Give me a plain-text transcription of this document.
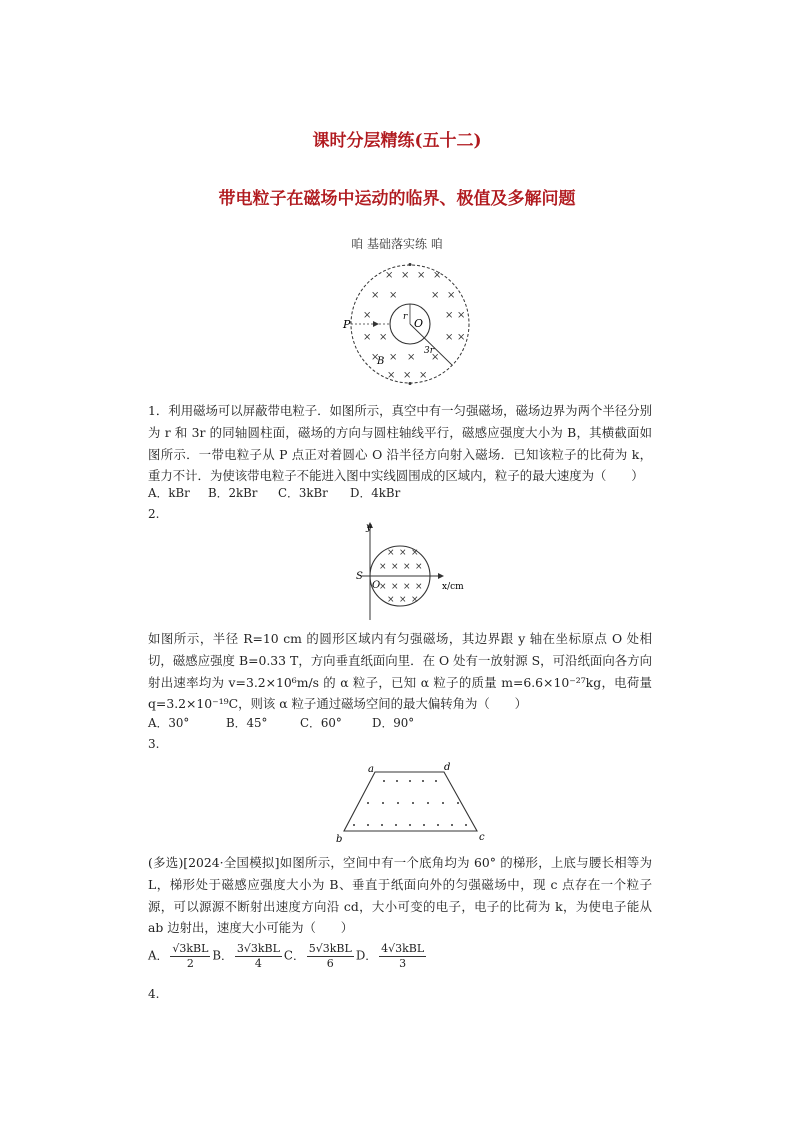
课时分层精练(五十二)
带电粒子在磁场中运动的临界、极值及多解问题
咱 基础落实练 咱
× × × ×
× ×	× ×
×	× ×
× ×	× ×
× × × ×
× × ×
P	O
r
3r
B
1．利用磁场可以屏蔽带电粒子．如图所示，真空中有一匀强磁场，磁场边界为两个半径分别为 r 和 3r 的同轴圆柱面，磁场的方向与圆柱轴线平行，磁感应强度大小为 B，其横截面如图所示．一带电粒子从 P 点正对着圆心 O 沿半径方向射入磁场．已知该粒子的比荷为 k，重力不计．为使该带电粒子不能进入图中实线圆围成的区域内，粒子的最大速度为（　　）
A．kBr B．2kBr C．3kBr D．4kBr
2.
× × ×
× × × ×
× × × ×
× × ×
y
S
O	x/cm
如图所示，半径 R=10 cm 的圆形区域内有匀强磁场，其边界跟 y 轴在坐标原点 O 处相切，磁感应强度 B=0.33 T，方向垂直纸面向里．在 O 处有一放射源 S，可沿纸面向各方向射出速率均为 v=3.2×10⁶m/s 的 α 粒子，已知 α 粒子的质量 m=6.6×10⁻²⁷kg，电荷量 q=3.2×10⁻¹⁹C，则该 α 粒子通过磁场空间的最大偏转角为（　　）
A．30°	B．45°	C．60°	D．90°
3.
a	d
b	c
(多选)[2024·全国模拟]如图所示，空间中有一个底角均为 60° 的梯形，上底与腰长相等为 L，梯形处于磁感应强度大小为 B、垂直于纸面向外的匀强磁场中，现 c 点存在一个粒子源，可以源源不断射出速度方向沿 cd，大小可变的电子，电子的比荷为 k，为使电子能从 ab 边射出，速度大小可能为（　　）
A． $\frac{\text{√3kBL}}{2}$ B． $\frac{\text{3√3kBL}}{4}$ C． $\frac{\text{5√3kBL}}{6}$ D． $\frac{\text{4√3kBL}}{3}$
4.
